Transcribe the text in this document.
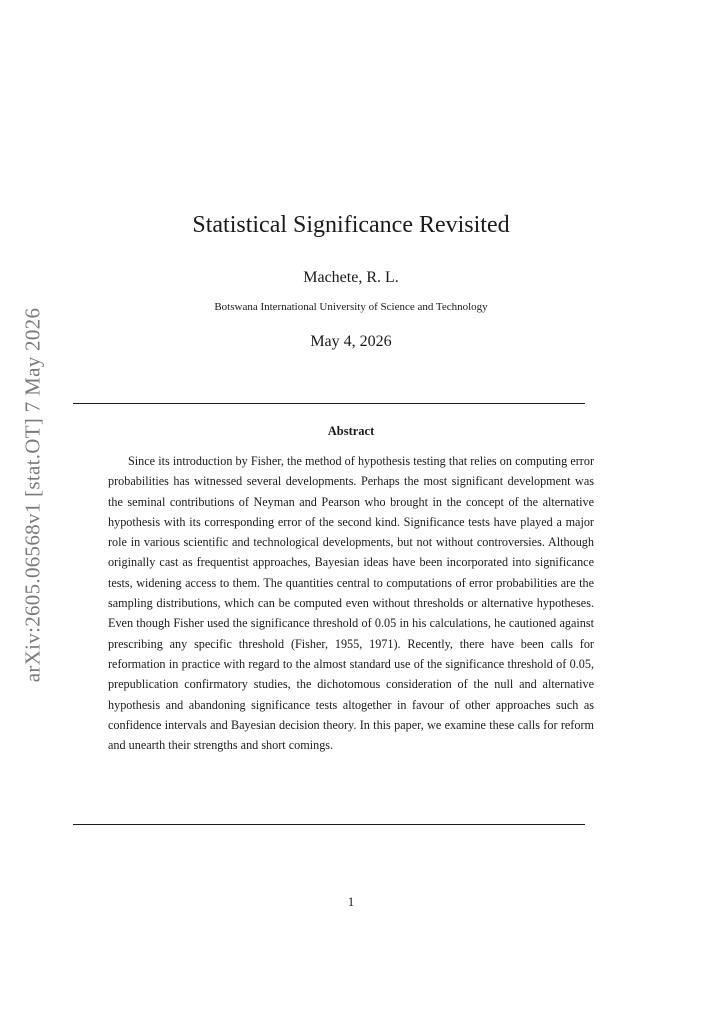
arXiv:2605.06568v1 [stat.OT] 7 May 2026
Statistical Significance Revisited
Machete, R. L.
Botswana International University of Science and Technology
May 4, 2026
Abstract

Since its introduction by Fisher, the method of hypothesis testing that relies on computing error probabilities has witnessed several developments. Perhaps the most significant development was the seminal contributions of Neyman and Pearson who brought in the concept of the alternative hypothesis with its corresponding error of the second kind. Significance tests have played a major role in various scientific and technological developments, but not without controversies. Although originally cast as frequentist approaches, Bayesian ideas have been incorporated into significance tests, widening access to them. The quantities central to computations of error probabilities are the sampling distributions, which can be computed even without thresholds or alternative hypotheses. Even though Fisher used the significance threshold of 0.05 in his calculations, he cautioned against prescribing any specific threshold (Fisher, 1955, 1971). Recently, there have been calls for reformation in practice with regard to the almost standard use of the significance threshold of 0.05, prepublication confirmatory studies, the dichotomous consideration of the null and alternative hypothesis and abandoning significance tests altogether in favour of other approaches such as confidence intervals and Bayesian decision theory. In this paper, we examine these calls for reform and unearth their strengths and short comings.

1
